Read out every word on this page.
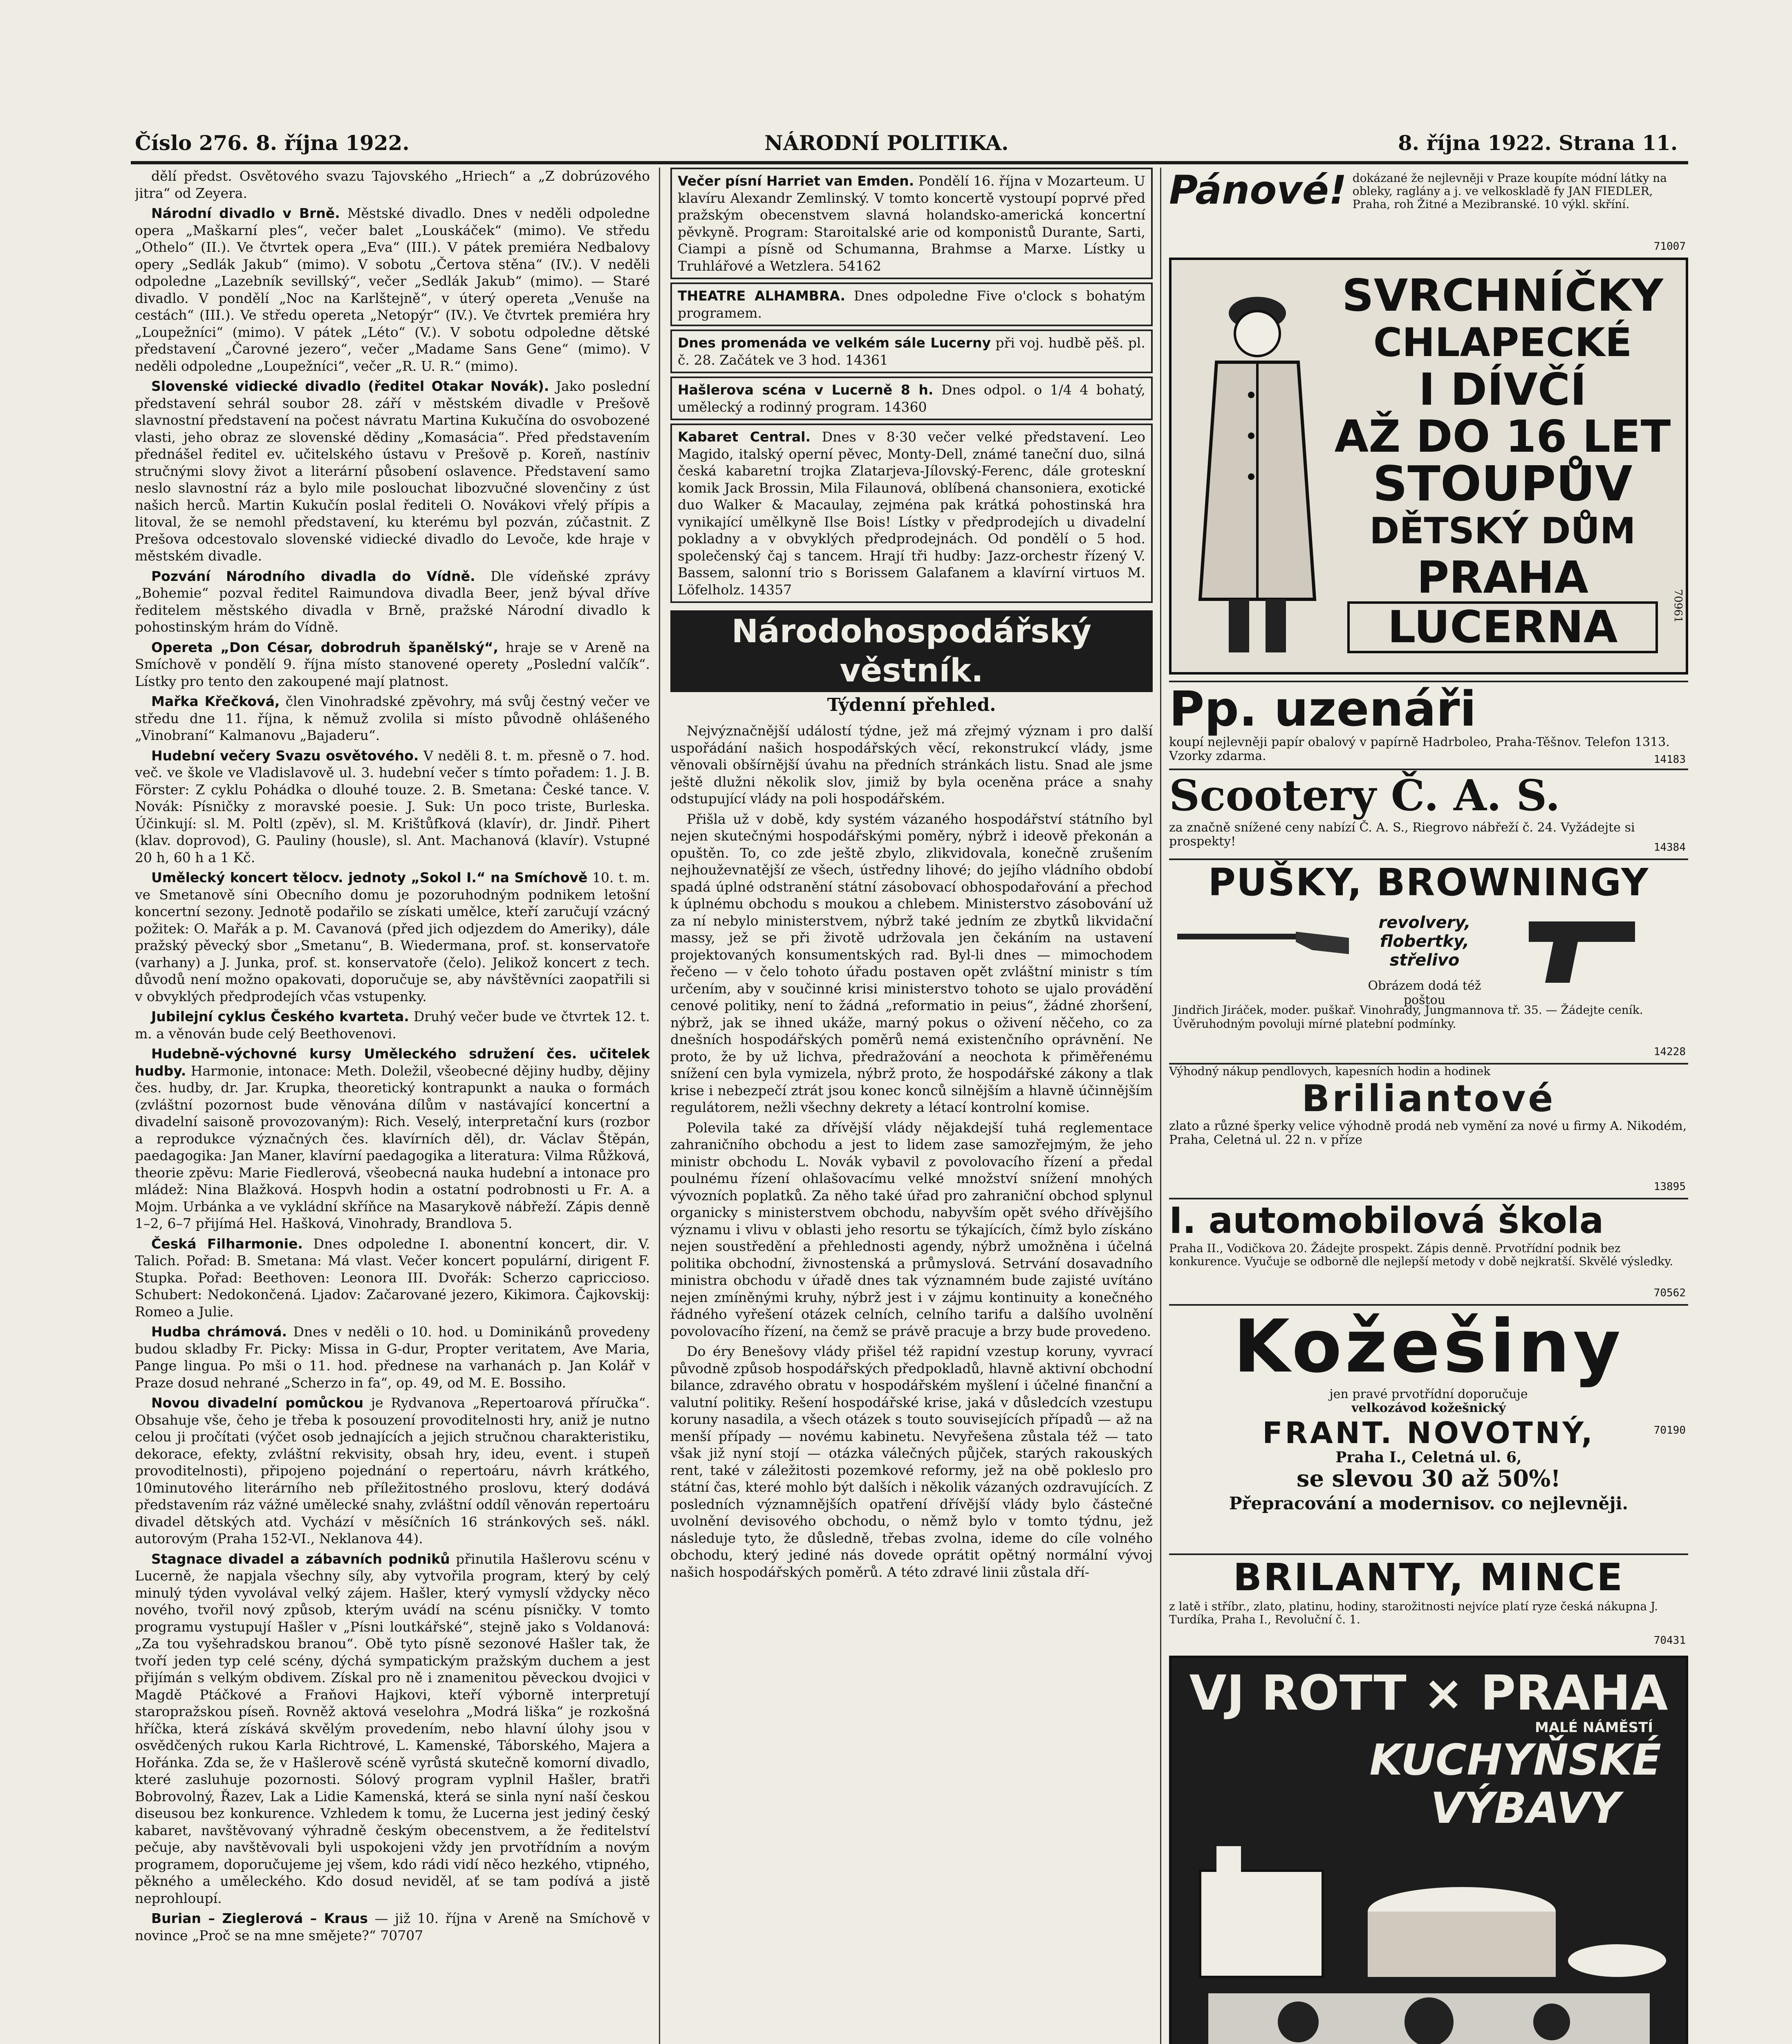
Číslo 276. 8. října 1922.	NÁRODNÍ POLITIKA.	8. října 1922. Strana 11.

dělí předst. Osvětového svazu Tajovského „Hriech“ a „Z dobrúzového jitra“ od Zeyera.

Národní divadlo v Brně. Městské divadlo. Dnes v neděli odpoledne opera „Maškarní ples“, večer balet „Louskáček“ (mimo). Ve středu „Othelo“ (II.). Ve čtvrtek opera „Eva“ (III.). V pátek premiéra Nedbalovy opery „Sedlák Jakub“ (mimo). V sobotu „Čertova stěna“ (IV.). V neděli odpoledne „Lazebník sevillský“, večer „Sedlák Jakub“ (mimo). — Staré divadlo. V pondělí „Noc na Karlštejně“, v úterý opereta „Venuše na cestách“ (III.). Ve středu opereta „Netopýr“ (IV.). Ve čtvrtek premiéra hry „Loupežníci“ (mimo). V pátek „Léto“ (V.). V sobotu odpoledne dětské představení „Čarovné jezero“, večer „Madame Sans Gene“ (mimo). V neděli odpoledne „Loupežníci“, večer „R. U. R.“ (mimo).

Slovenské vidiecké divadlo (ředitel Otakar Novák). Jako poslední představení sehrál soubor 28. září v městském divadle v Prešově slavnostní představení na počest návratu Martina Kukučína do osvobozené vlasti, jeho obraz ze slovenské dědiny „Komasácia“. Před představením přednášel ředitel ev. učitelského ústavu v Prešově p. Koreň, nastíniv stručnými slovy život a literární působení oslavence. Představení samo neslo slavnostní ráz a bylo mile poslouchat libozvučné slovenčiny z úst našich herců. Martin Kukučín poslal řediteli O. Novákovi vřelý přípis a litoval, že se nemohl představení, ku kterému byl pozván, zúčastnit. Z Prešova odcestovalo slovenské vidiecké divadlo do Levoče, kde hraje v městském divadle.

Pozvání Národního divadla do Vídně. Dle vídeňské zprávy „Bohemie“ pozval ředitel Raimundova divadla Beer, jenž býval dříve ředitelem městského divadla v Brně, pražské Národní divadlo k pohostinským hrám do Vídně.

Opereta „Don César, dobrodruh španělský“, hraje se v Areně na Smíchově v pondělí 9. října místo stanovené operety „Poslední valčík“. Lístky pro tento den zakoupené mají platnost.

Mařka Křečková, člen Vinohradské zpěvohry, má svůj čestný večer ve středu dne 11. října, k němuž zvolila si místo původně ohlášeného „Vinobraní“ Kalmanovu „Bajaderu“.

Hudební večery Svazu osvětového. V neděli 8. t. m. přesně o 7. hod. več. ve škole ve Vladislavově ul. 3. hudební večer s tímto pořadem: 1. J. B. Förster: Z cyklu Pohádka o dlouhé touze. 2. B. Smetana: České tance. V. Novák: Písničky z moravské poesie. J. Suk: Un poco triste, Burleska. Účinkují: sl. M. Poltl (zpěv), sl. M. Krištůfková (klavír), dr. Jindř. Pihert (klav. doprovod), G. Pauliny (housle), sl. Ant. Machanová (klavír). Vstupné 20 h, 60 h a 1 Kč.

Umělecký koncert tělocv. jednoty „Sokol I.“ na Smíchově 10. t. m. ve Smetanově síni Obecního domu je pozoruhodným podnikem letošní koncertní sezony. Jednotě podařilo se získati umělce, kteří zaručují vzácný požitek: O. Mařák a p. M. Cavanová (před jich odjezdem do Ameriky), dále pražský pěvecký sbor „Smetanu“, B. Wiedermana, prof. st. konservatoře (varhany) a J. Junka, prof. st. konservatoře (čelo). Jelikož koncert z tech. důvodů není možno opakovati, doporučuje se, aby návštěvníci zaopatřili si v obvyklých předprodejích včas vstupenky.

Jubilejní cyklus Českého kvarteta. Druhý večer bude ve čtvrtek 12. t. m. a věnován bude celý Beethovenovi.

Hudebně-výchovné kursy Uměleckého sdružení čes. učitelek hudby. Harmonie, intonace: Meth. Doležil, všeobecné dějiny hudby, dějiny čes. hudby, dr. Jar. Krupka, theoretický kontrapunkt a nauka o formách (zvláštní pozornost bude věnována dílům v nastávající koncertní a divadelní saisoně provozovaným): Rich. Veselý, interpretační kurs (rozbor a reprodukce význačných čes. klavírních děl), dr. Václav Štěpán, paedagogika: Jan Maner, klavírní paedagogika a literatura: Vilma Růžková, theorie zpěvu: Marie Fiedlerová, všeobecná nauka hudební a intonace pro mládež: Nina Blažková. Hospvh hodin a ostatní podrobnosti u Fr. A. a Mojm. Urbánka a ve vykládní skříňce na Masarykově nábřeží. Zápis denně 1–2, 6–7 přijímá Hel. Hašková, Vinohrady, Brandlova 5.

Česká Filharmonie. Dnes odpoledne I. abonentní koncert, dir. V. Talich. Pořad: B. Smetana: Má vlast. Večer koncert populární, dirigent F. Stupka. Pořad: Beethoven: Leonora III. Dvořák: Scherzo capriccioso. Schubert: Nedokončená. Ljadov: Začarované jezero, Kikimora. Čajkovskij: Romeo a Julie.

Hudba chrámová. Dnes v neděli o 10. hod. u Dominikánů provedeny budou skladby Fr. Picky: Missa in G-dur, Propter veritatem, Ave Maria, Pange lingua. Po mši o 11. hod. přednese na varhanách p. Jan Kolář v Praze dosud nehrané „Scherzo in fa“, op. 49, od M. E. Bossiho.

Novou divadelní pomůckou je Rydvanova „Repertoarová příručka“. Obsahuje vše, čeho je třeba k posouzení provoditelnosti hry, aniž je nutno celou ji pročítati (výčet osob jednajících a jejich stručnou charakteristiku, dekorace, efekty, zvláštní rekvisity, obsah hry, ideu, event. i stupeň provoditelnosti), připojeno pojednání o repertoáru, návrh krátkého, 10minutového literárního neb příležitostného proslovu, který dodává představením ráz vážné umělecké snahy, zvláštní oddíl věnován repertoáru divadel dětských atd. Vychází v měsíčních 16 stránkových seš. nákl. autorovým (Praha 152-VI., Neklanova 44).

Stagnace divadel a zábavních podniků přinutila Hašlerovu scénu v Lucerně, že napjala všechny síly, aby vytvořila program, který by celý minulý týden vyvolával velký zájem. Hašler, který vymyslí vždycky něco nového, tvořil nový způsob, kterým uvádí na scénu písničky. V tomto programu vystupují Hašler v „Písni loutkářské“, stejně jako s Voldanová: „Za tou vyšehradskou branou“. Obě tyto písně sezonové Hašler tak, že tvoří jeden typ celé scény, dýchá sympatickým pražským duchem a jest přijímán s velkým obdivem. Získal pro ně i znamenitou pěveckou dvojici v Magdě Ptáčkové a Fraňovi Hajkovi, kteří výborně interpretují staropražskou píseň. Rovněž aktová veselohra „Modrá liška“ je rozkošná hříčka, která získává skvělým provedením, nebo hlavní úlohy jsou v osvědčených rukou Karla Richtrové, L. Kamenské, Táborského, Majera a Hořánka. Zda se, že v Hašlerově scéně vyrůstá skutečně komorní divadlo, které zasluhuje pozornosti. Sólový program vyplnil Hašler, bratři Bobrovolný, Řazev, Lak a Lidie Kamenská, která se sinla nyní naší českou diseusou bez konkurence. Vzhledem k tomu, že Lucerna jest jediný český kabaret, navštěvovaný výhradně českým obecenstvem, a že ředitelství pečuje, aby navštěvovali byli uspokojeni vždy jen prvotřídním a novým programem, doporučujeme jej všem, kdo rádi vidí něco hezkého, vtipného, pěkného a uměleckého. Kdo dosud neviděl, ať se tam podívá a jistě neprohloupí.

Burian – Zieglerová – Kraus — již 10. října v Areně na Smíchově v novince „Proč se na mne smějete?“ 70707

Večer písní Harriet van Emden. Pondělí 16. října v Mozarteum. U klavíru Alexandr Zemlinský. V tomto koncertě vystoupí poprvé před pražským obecenstvem slavná holandsko-americká koncertní pěvkyně. Program: Staroitalské arie od komponistů Durante, Sarti, Ciampi a písně od Schumanna, Brahmse a Marxe. Lístky u Truhlářové a Wetzlera. 54162

THEATRE ALHAMBRA. Dnes odpoledne Five o'clock s bohatým programem.

Dnes promenáda ve velkém sále Lucerny při voj. hudbě pěš. pl. č. 28. Začátek ve 3 hod. 14361

Hašlerova scéna v Lucerně 8 h. Dnes odpol. o 1/4 4 bohatý, umělecký a rodinný program. 14360

Kabaret Central. Dnes v 8·30 večer velké představení. Leo Magido, italský operní pěvec, Monty-Dell, známé taneční duo, silná česká kabaretní trojka Zlatarjeva-Jílovský-Ferenc, dále groteskní komik Jack Brossin, Mila Filaunová, oblíbená chansoniera, exotické duo Walker & Macaulay, zejména pak krátká pohostinská hra vynikající umělkyně Ilse Bois! Lístky v předprodejích u divadelní pokladny a v obvyklých předprodejnách. Od pondělí o 5 hod. společenský čaj s tancem. Hrají tři hudby: Jazz-orchestr řízený V. Bassem, salonní trio s Borissem Galafanem a klavírní virtuos M. Löfelholz. 14357

Národohospodářský věstník.
Týdenní přehled.

Nejvýznačnější událostí týdne, jež má zřejmý význam i pro další uspořádání našich hospodářských věcí, rekonstrukcí vlády, jsme věnovali obšírnější úvahu na předních stránkách listu. Snad ale jsme ještě dlužni několik slov, jimiž by byla oceněna práce a snahy odstupující vlády na poli hospodářském.

Přišla už v době, kdy systém vázaného hospodářství státního byl nejen skutečnými hospodářskými poměry, nýbrž i ideově překonán a opuštěn. To, co zde ještě zbylo, zlikvidovala, konečně zrušením nejhouževnatější ze všech, ústředny lihové; do jejího vládního období spadá úplné odstranění státní zásobovací obhospodařování a přechod k úplnému obchodu s moukou a chlebem. Ministerstvo zásobování už za ní nebylo ministerstvem, nýbrž také jedním ze zbytků likvidační massy, jež se při životě udržovala jen čekáním na ustavení projektovaných konsumentských rad. Byl-li dnes — mimochodem řečeno — v čelo tohoto úřadu postaven opět zvláštní ministr s tím určením, aby v součinné krisi ministerstvo tohoto se ujalo provádění cenové politiky, není to žádná „reformatio in peius“, žádné zhoršení, nýbrž, jak se ihned ukáže, marný pokus o oživení něčeho, co za dnešních hospodářských poměrů nemá existenčního oprávnění. Ne proto, že by už lichva, předražování a neochota k přiměřenému snížení cen byla vymizela, nýbrž proto, že hospodářské zákony a tlak krise i nebezpečí ztrát jsou konec konců silnějším a hlavně účinnějším regulátorem, nežli všechny dekrety a létací kontrolní komise.

Polevila také za dřívější vlády nějakdejší tuhá reglementace zahraničního obchodu a jest to lidem zase samozřejmým, že jeho ministr obchodu L. Novák vybavil z povolovacího řízení a předal poulnému řízení ohlašovacímu velké množství snížení mnohých vývozních poplatků. Za něho také úřad pro zahraniční obchod splynul organicky s ministerstvem obchodu, nabyvším opět svého dřívějšího významu i vlivu v oblasti jeho resortu se týkajících, čímž bylo získáno nejen soustředění a přehlednosti agendy, nýbrž umožněna i účelná politika obchodní, živnostenská a průmyslová. Setrvání dosavadního ministra obchodu v úřadě dnes tak významném bude zajisté uvítáno nejen zmíněnými kruhy, nýbrž jest i v zájmu kontinuity a konečného řádného vyřešení otázek celních, celního tarifu a dalšího uvolnění povolovacího řízení, na čemž se právě pracuje a brzy bude provedeno.

Do éry Benešovy vlády přišel též rapidní vzestup koruny, vyvrací původně způsob hospodářských předpokladů, hlavně aktivní obchodní bilance, zdravého obratu v hospodářském myšlení i účelné finanční a valutní politiky. Rešení hospodářské krise, jaká v důsledcích vzestupu koruny nasadila, a všech otázek s touto souvisejících případů — až na menší případy — novému kabinetu. Nevyřešena zůstala též — tato však již nyní stojí — otázka válečných půjček, starých rakouských rent, také v záležitosti pozemkové reformy, jež na obě pokleslo pro státní čas, které mohlo být dalších i několik vázaných ozdravujících. Z posledních významnějších opatření dřívější vlády bylo částečné uvolnění devisového obchodu, o němž bylo v tomto týdnu, jež následuje tyto, že důsledně, třebas zvolna, ideme do cíle volného obchodu, který jediné nás dovede oprátit opětný normální vývoj našich hospodářských poměrů. A této zdravé linii zůstala dří-

Pánové! dokázané že nejlevněji v Praze koupíte módní látky na obleky, raglány a j. ve velkoskladě fy JAN FIEDLER, Praha, roh Žitné a Mezibranské. 10 výkl. skříní.
71007
SVRCHNÍČKY
CHLAPECKÉ
I DÍVČÍ
AŽ DO 16 LET
STOUPŮV
DĚTSKÝ DŮM
PRAHA
LUCERNA	70961
Pp. uzenáři
koupí nejlevněji papír obalový v papírně Hadrboleo, Praha-Těšnov. Telefon 1313. Vzorky zdarma.	14183
Scootery Č. A. S.
za značně snížené ceny nabízí Č. A. S., Riegrovo nábřeží č. 24. Vyžádejte si prospekty!	14384
PUŠKY, BROWNINGY
revolvery, flobertky, střelivo
Obrázem dodá též poštou
Jindřich Jiráček, moder. puškař. Vinohrady, Jungmannova tř. 35. — Žádejte ceník. Úvěruhodným povoluji mírné platební podmínky.
14228
Výhodný nákup pendlovych, kapesních hodin a hodinek
Briliantové
zlato a různé šperky velice výhodně prodá neb vymění za nové u firmy A. Nikodém, Praha, Celetná ul. 22 n. v příze
13895
I. automobilová škola
Praha II., Vodičkova 20. Žádejte prospekt. Zápis denně. Prvotřídní podnik bez konkurence. Vyučuje se odborně dle nejlepší metody v době nejkratší. Skvělé výsledky.
70562
Kožešiny
jen pravé prvotřídní doporučuje
velkozávod kožešnický
FRANT. NOVOTNÝ,
Praha I., Celetná ul. 6,
se slevou 30 až 50%!
Přepracování a modernisov. co nejlevněji.
70190
BRILANTY, MINCE
z latě i stříbr., zlato, platinu, hodiny, starožitnosti nejvíce platí ryze česká nákupna J. Turdíka, Praha I., Revoluční č. 1.
70431
VJ ROTT × PRAHA
MALÉ NÁMĚSTÍ
KUCHYŇSKÉ
VÝBAVY
